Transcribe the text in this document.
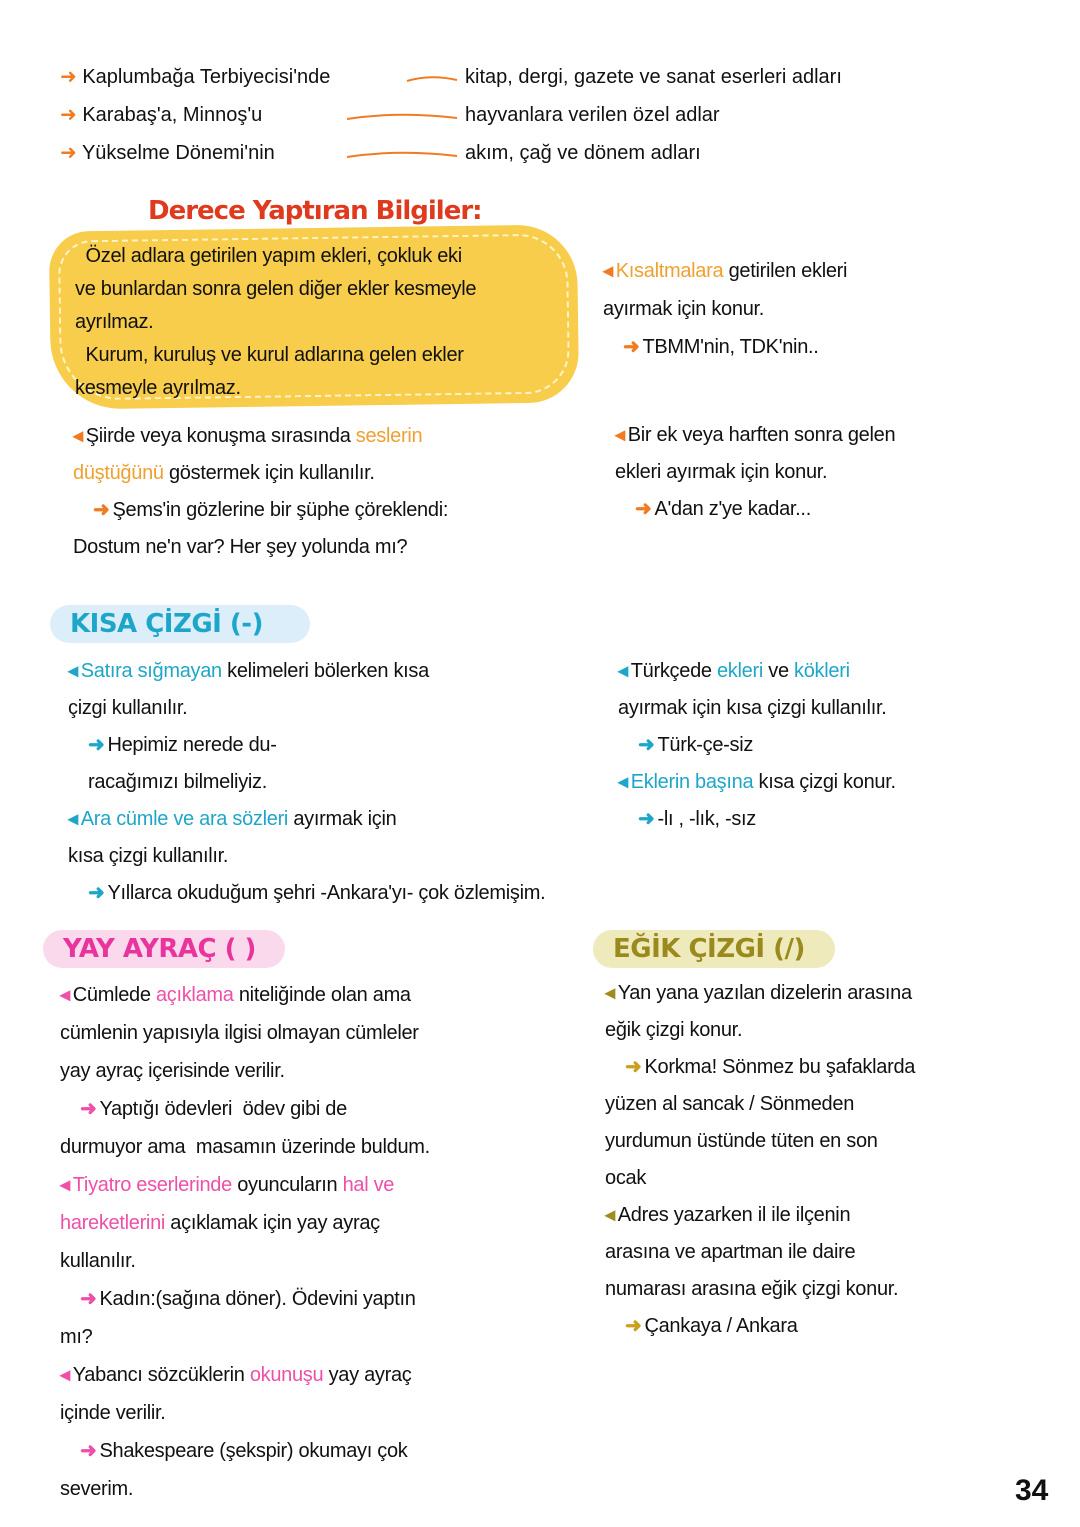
➜ Kaplumbağa Terbiyecisi'nde	kitap, dergi, gazete ve sanat eserleri adları
➜ Karabaş'a, Minnoş'u	hayvanlara verilen özel adlar
➜ Yükselme Dönemi'nin	akım, çağ ve dönem adları
Derece Yaptıran Bilgiler:
Özel adlara getirilen yapım ekleri, çokluk eki
ve bunlardan sonra gelen diğer ekler kesmeyle
ayrılmaz.
Kurum, kuruluş ve kurul adlarına gelen ekler
kesmeyle ayrılmaz.
◂ Kısaltmalara getirilen ekleri
ayırmak için konur.
➜ TBMM'nin, TDK'nin..
◂ Şiirde veya konuşma sırasında seslerin
düştüğünü göstermek için kullanılır.
➜ Şems'in gözlerine bir şüphe çöreklendi:
Dostum ne'n var? Her şey yolunda mı?
◂ Bir ek veya harften sonra gelen
ekleri ayırmak için konur.
➜ A'dan z'ye kadar...
KISA ÇİZGİ (-)
◂ Satıra sığmayan kelimeleri bölerken kısa
çizgi kullanılır.
➜ Hepimiz nerede du-
racağımızı bilmeliyiz.
◂ Ara cümle ve ara sözleri ayırmak için
kısa çizgi kullanılır.
➜ Yıllarca okuduğum şehri -Ankara'yı- çok özlemişim.
◂ Türkçede ekleri ve kökleri
ayırmak için kısa çizgi kullanılır.
➜ Türk-çe-siz
◂ Eklerin başına kısa çizgi konur.
➜ -lı , -lık, -sız
YAY AYRAÇ ( )	EĞİK ÇİZGİ (/)
◂ Cümlede açıklama niteliğinde olan ama
cümlenin yapısıyla ilgisi olmayan cümleler
yay ayraç içerisinde verilir.
➜ Yaptığı ödevleri  ödev gibi de
durmuyor ama  masamın üzerinde buldum.
◂ Tiyatro eserlerinde oyuncuların hal ve
hareketlerini açıklamak için yay ayraç
kullanılır.
➜ Kadın:(sağına döner). Ödevini yaptın
mı?
◂ Yabancı sözcüklerin okunuşu yay ayraç
içinde verilir.
➜ Shakespeare (şekspir) okumayı çok
severim.
◂ Yan yana yazılan dizelerin arasına
eğik çizgi konur.
➜ Korkma! Sönmez bu şafaklarda
yüzen al sancak / Sönmeden
yurdumun üstünde tüten en son
ocak
◂ Adres yazarken il ile ilçenin
arasına ve apartman ile daire
numarası arasına eğik çizgi konur.
➜ Çankaya / Ankara
34
